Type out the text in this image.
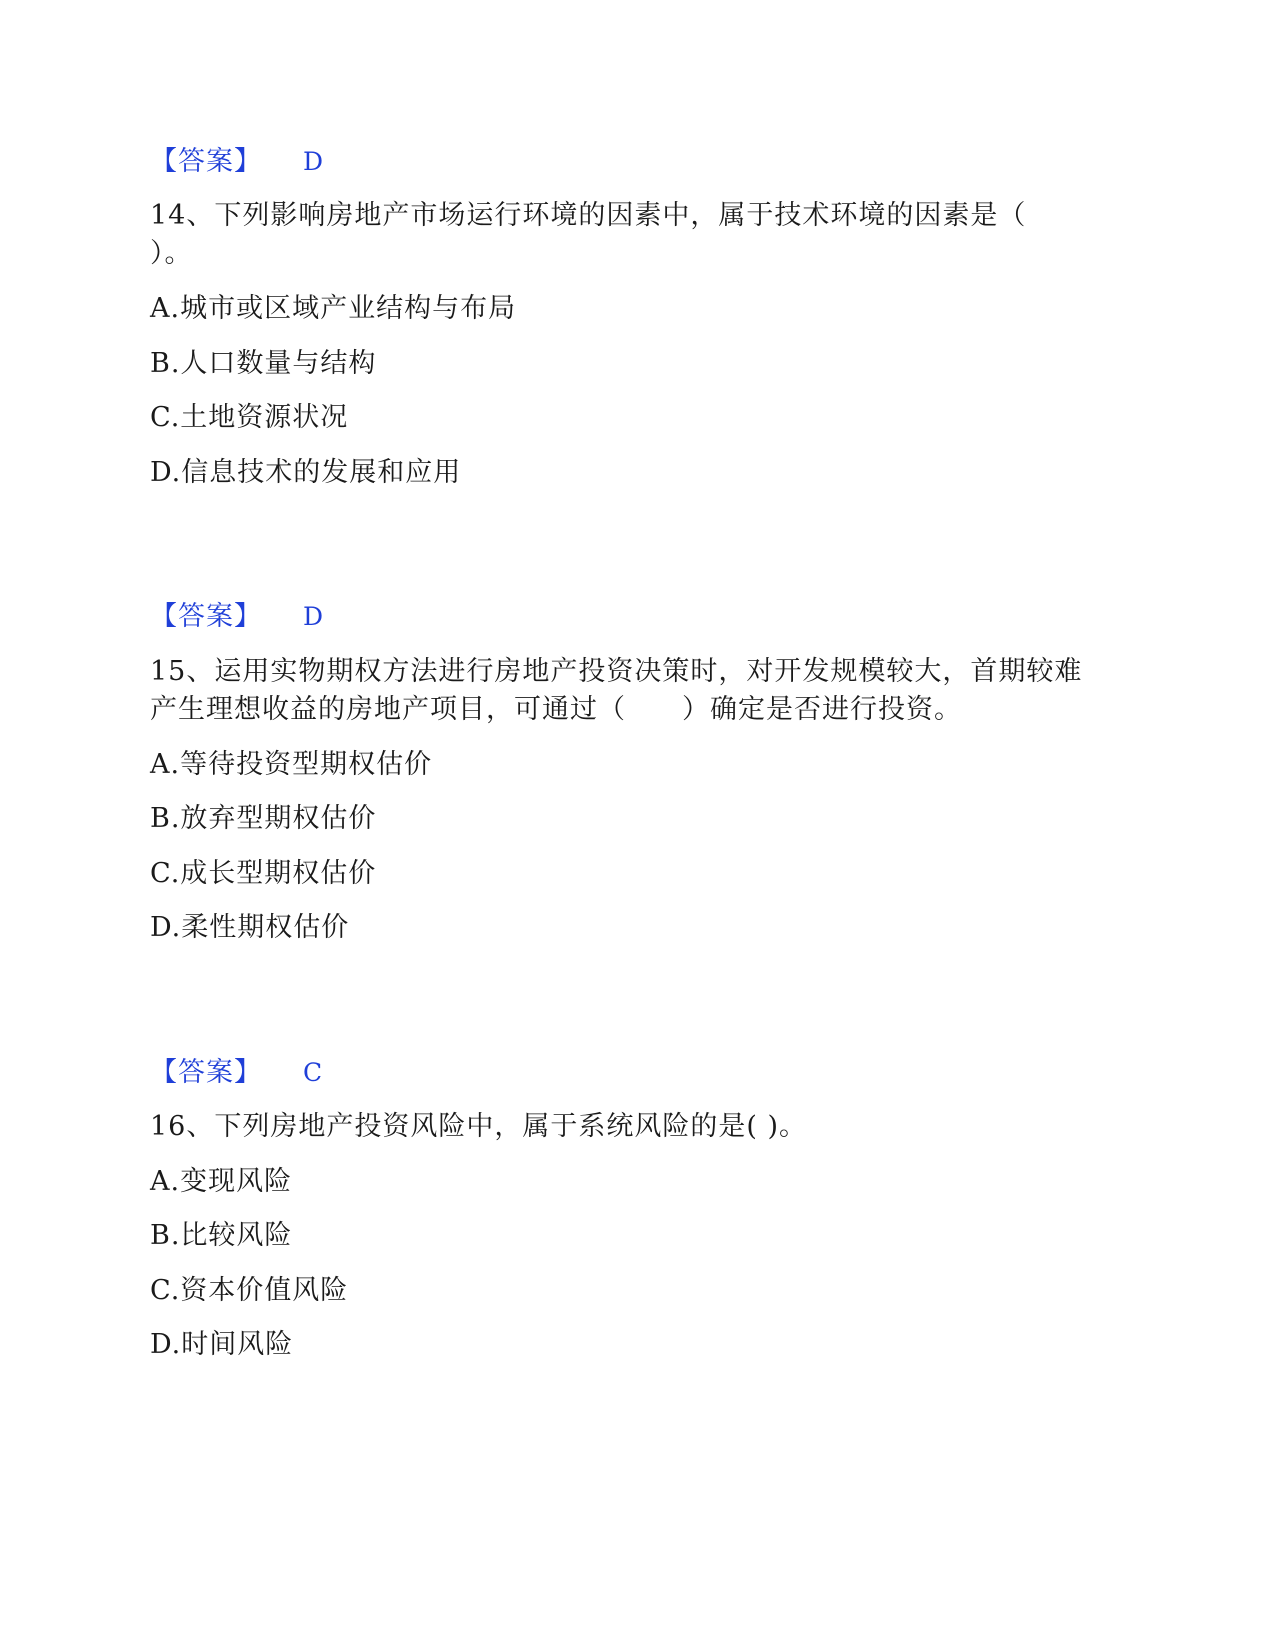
【答案】 D
14、下列影响房地产市场运行环境的因素中，属于技术环境的因素是（
）。
A.城市或区域产业结构与布局
B.人口数量与结构
C.土地资源状况
D.信息技术的发展和应用
【答案】 D
15、运用实物期权方法进行房地产投资决策时，对开发规模较大，首期较难
产生理想收益的房地产项目，可通过（　　）确定是否进行投资。
A.等待投资型期权估价
B.放弃型期权估价
C.成长型期权估价
D.柔性期权估价
【答案】 C
16、下列房地产投资风险中，属于系统风险的是( )。
A.变现风险
B.比较风险
C.资本价值风险
D.时间风险
